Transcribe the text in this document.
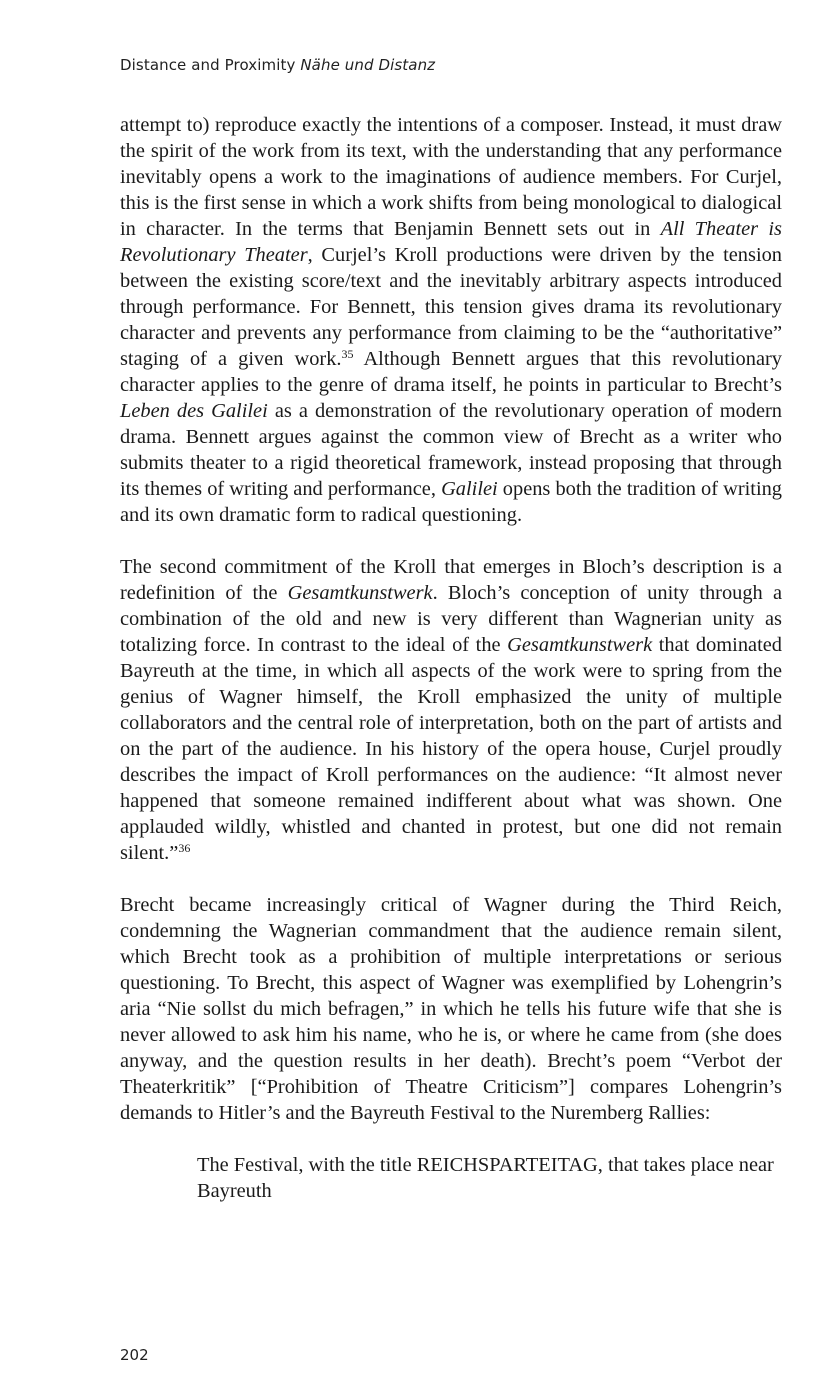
Distance and Proximity Nähe und Distanz

attempt to) reproduce exactly the intentions of a composer. Instead, it must draw the spirit of the work from its text, with the understanding that any performance inevitably opens a work to the imaginations of audience members. For Curjel, this is the first sense in which a work shifts from being monological to dialogical in character. In the terms that Benjamin Bennett sets out in All Theater is Revolutionary Theater, Curjel’s Kroll productions were driven by the tension between the existing score/text and the inevitably arbitrary aspects introduced through performance. For Bennett, this tension gives drama its revolutionary character and prevents any performance from claiming to be the “authoritative” staging of a given work.$^{35}$ Although Bennett argues that this revolutionary character applies to the genre of drama itself, he points in particular to Brecht’s Leben des Galilei as a demonstration of the revolutionary operation of modern drama. Bennett argues against the common view of Brecht as a writer who submits theater to a rigid theoretical framework, instead proposing that through its themes of writing and performance, Galilei opens both the tradition of writing and its own dramatic form to radical questioning.

The second commitment of the Kroll that emerges in Bloch’s description is a redefinition of the Gesamtkunstwerk. Bloch’s conception of unity through a combination of the old and new is very different than Wagnerian unity as totalizing force. In contrast to the ideal of the Gesamtkunstwerk that dominated Bayreuth at the time, in which all aspects of the work were to spring from the genius of Wagner himself, the Kroll emphasized the unity of multiple collaborators and the central role of interpretation, both on the part of artists and on the part of the audience. In his history of the opera house, Curjel proudly describes the impact of Kroll performances on the audience: “It almost never happened that someone remained indifferent about what was shown. One applauded wildly, whistled and chanted in protest, but one did not remain silent.”$^{36}$

Brecht became increasingly critical of Wagner during the Third Reich, condemning the Wagnerian commandment that the audience remain silent, which Brecht took as a prohibition of multiple interpretations or serious questioning. To Brecht, this aspect of Wagner was exemplified by Lohengrin’s aria “Nie sollst du mich befragen,” in which he tells his future wife that she is never allowed to ask him his name, who he is, or where he came from (she does anyway, and the question results in her death). Brecht’s poem “Verbot der Theaterkritik” [“Prohibition of Theatre Criticism”] compares Lohengrin’s demands to Hitler’s and the Bayreuth Festival to the Nuremberg Rallies:

The Festival, with the title REICHSPARTEITAG, that takes place near Bayreuth

202
